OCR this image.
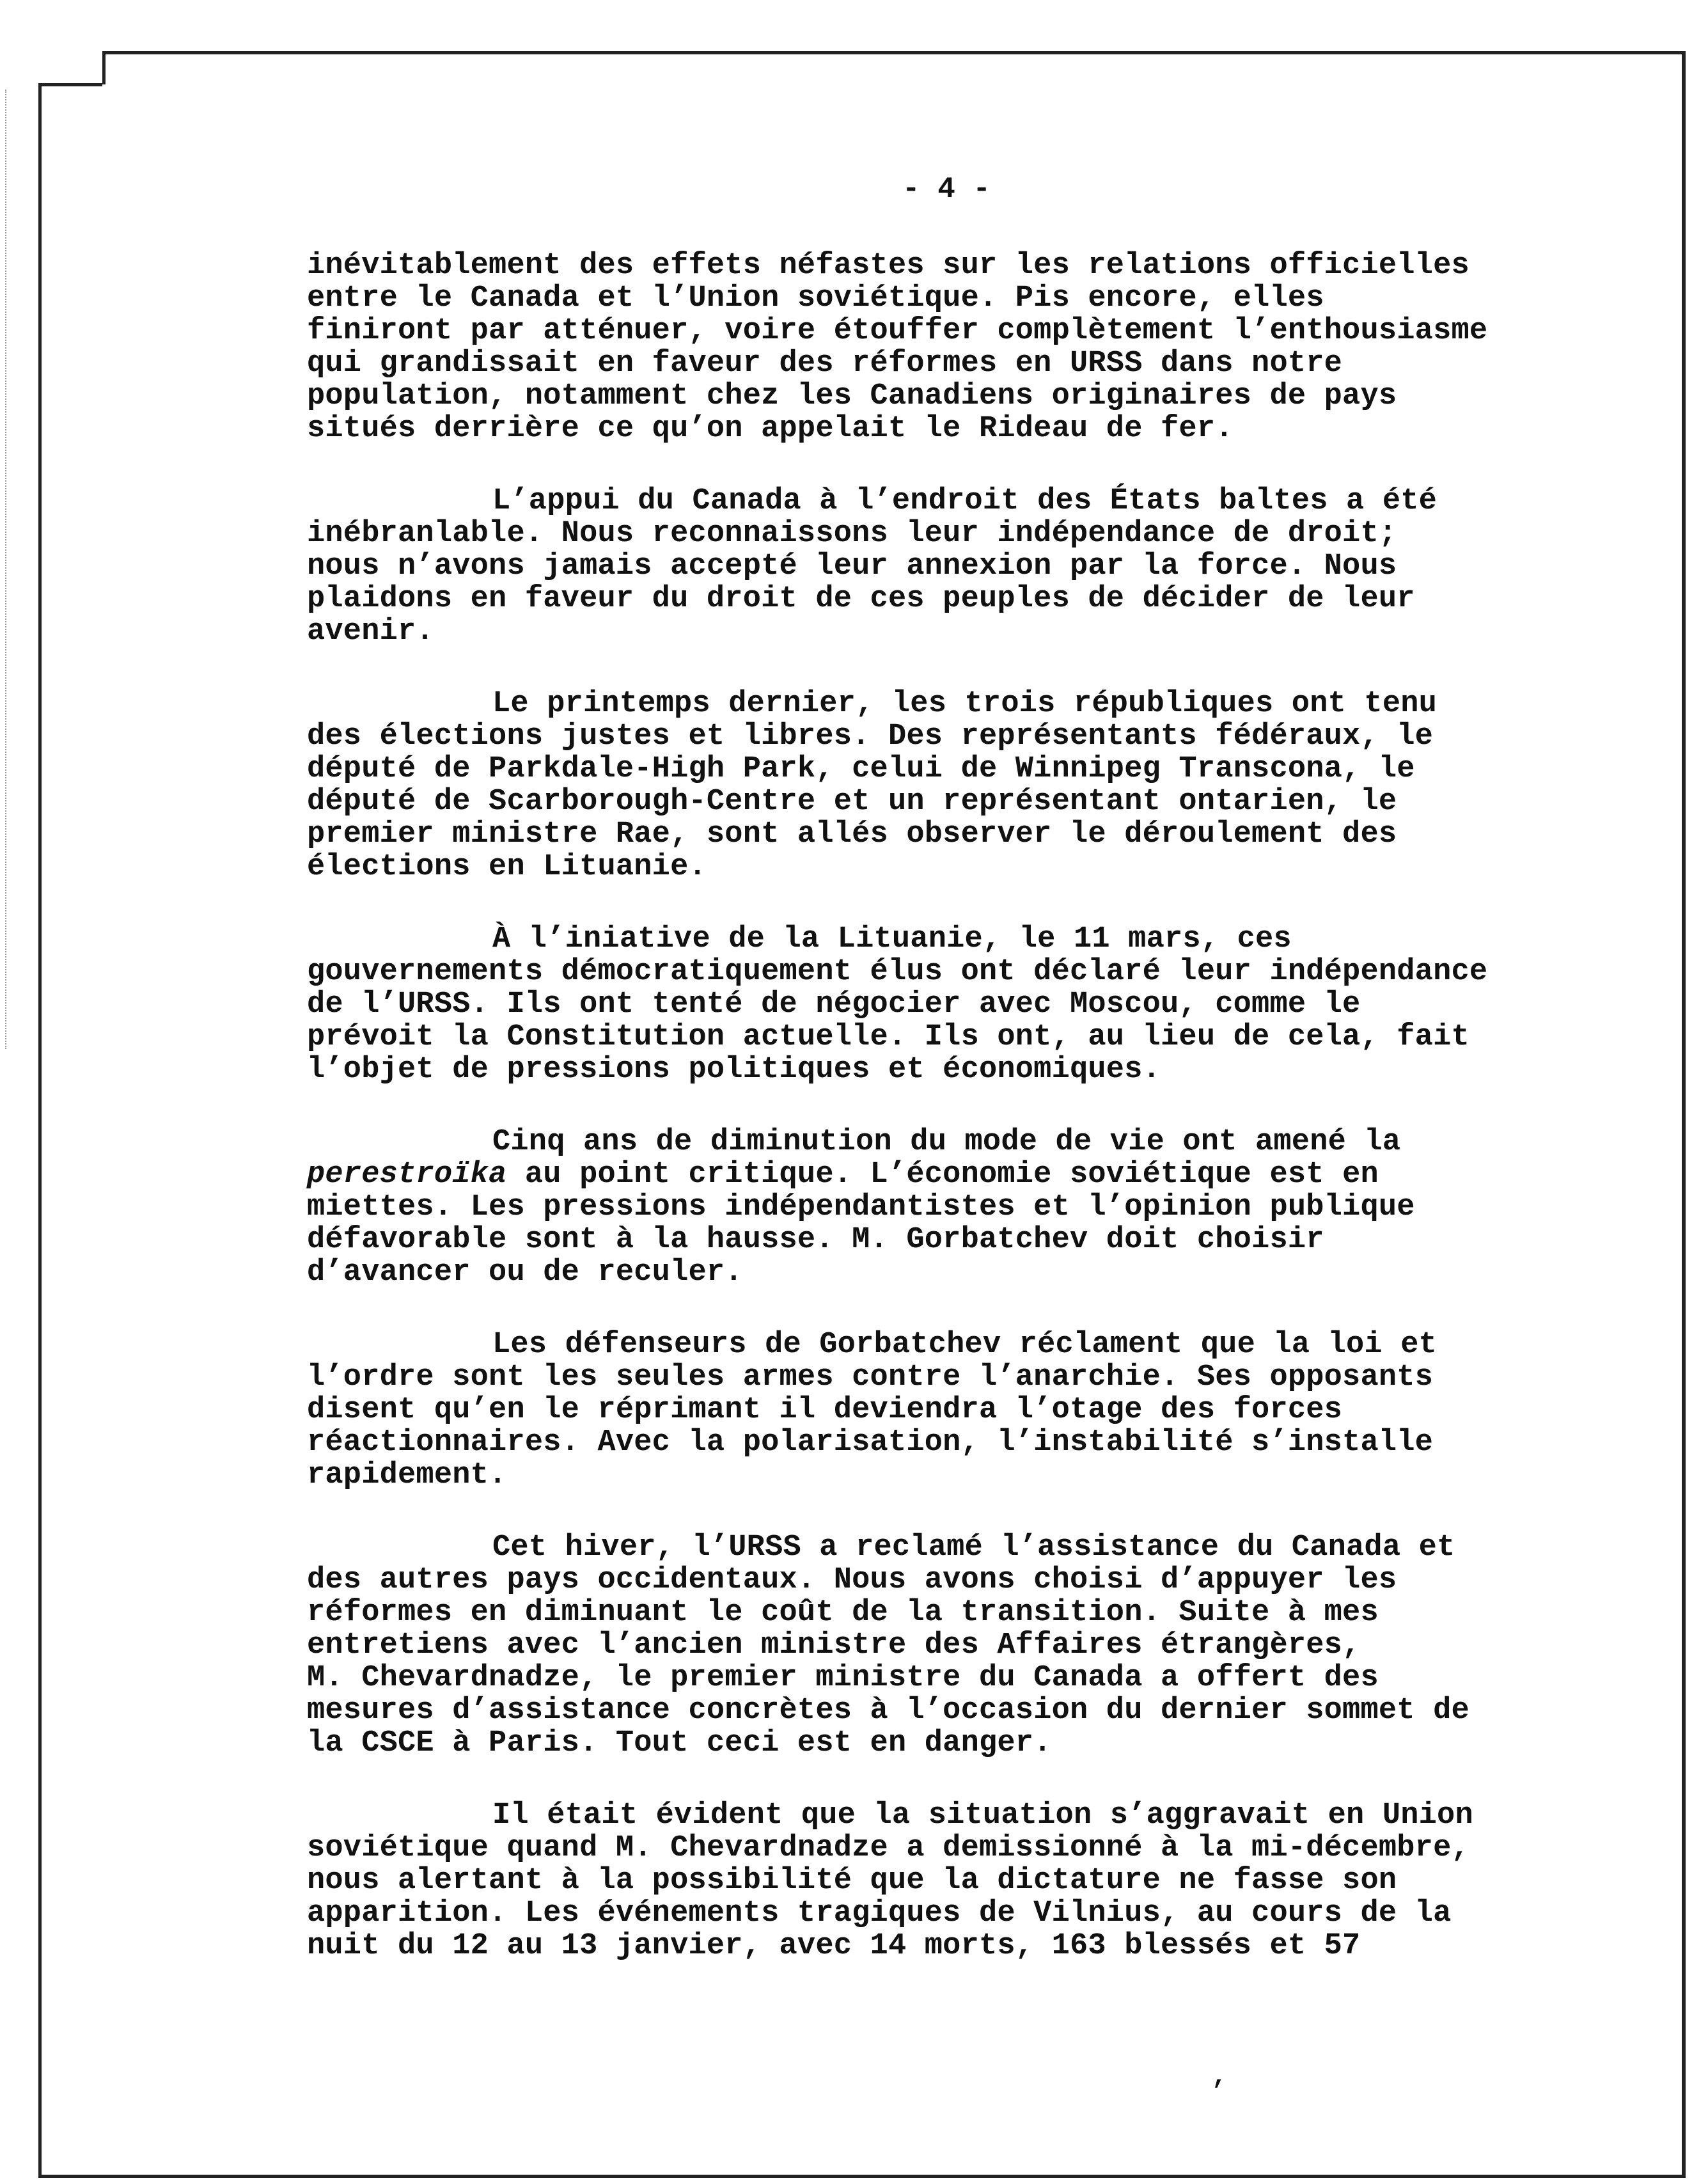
- 4 -

inévitablement des effets néfastes sur les relations officielles
entre le Canada et l’Union soviétique. Pis encore, elles
finiront par atténuer, voire étouffer complètement l’enthousiasme
qui grandissait en faveur des réformes en URSS dans notre
population, notamment chez les Canadiens originaires de pays
situés derrière ce qu’on appelait le Rideau de fer.

L’appui du Canada à l’endroit des États baltes a été
inébranlable. Nous reconnaissons leur indépendance de droit;
nous n’avons jamais accepté leur annexion par la force. Nous
plaidons en faveur du droit de ces peuples de décider de leur
avenir.

Le printemps dernier, les trois républiques ont tenu
des élections justes et libres. Des représentants fédéraux, le
député de Parkdale-High Park, celui de Winnipeg Transcona, le
député de Scarborough-Centre et un représentant ontarien, le
premier ministre Rae, sont allés observer le déroulement des
élections en Lituanie.

À l’iniative de la Lituanie, le 11 mars, ces
gouvernements démocratiquement élus ont déclaré leur indépendance
de l’URSS. Ils ont tenté de négocier avec Moscou, comme le
prévoit la Constitution actuelle. Ils ont, au lieu de cela, fait
l’objet de pressions politiques et économiques.

Cinq ans de diminution du mode de vie ont amené la
perestroïka au point critique. L’économie soviétique est en
miettes. Les pressions indépendantistes et l’opinion publique
défavorable sont à la hausse. M. Gorbatchev doit choisir
d’avancer ou de reculer.

Les défenseurs de Gorbatchev réclament que la loi et
l’ordre sont les seules armes contre l’anarchie. Ses opposants
disent qu’en le réprimant il deviendra l’otage des forces
réactionnaires. Avec la polarisation, l’instabilité s’installe
rapidement.

Cet hiver, l’URSS a reclamé l’assistance du Canada et
des autres pays occidentaux. Nous avons choisi d’appuyer les
réformes en diminuant le coût de la transition. Suite à mes
entretiens avec l’ancien ministre des Affaires étrangères,
M. Chevardnadze, le premier ministre du Canada a offert des
mesures d’assistance concrètes à l’occasion du dernier sommet de
la CSCE à Paris. Tout ceci est en danger.

Il était évident que la situation s’aggravait en Union
soviétique quand M. Chevardnadze a demissionné à la mi-décembre,
nous alertant à la possibilité que la dictature ne fasse son
apparition. Les événements tragiques de Vilnius, au cours de la
nuit du 12 au 13 janvier, avec 14 morts, 163 blessés et 57

,
